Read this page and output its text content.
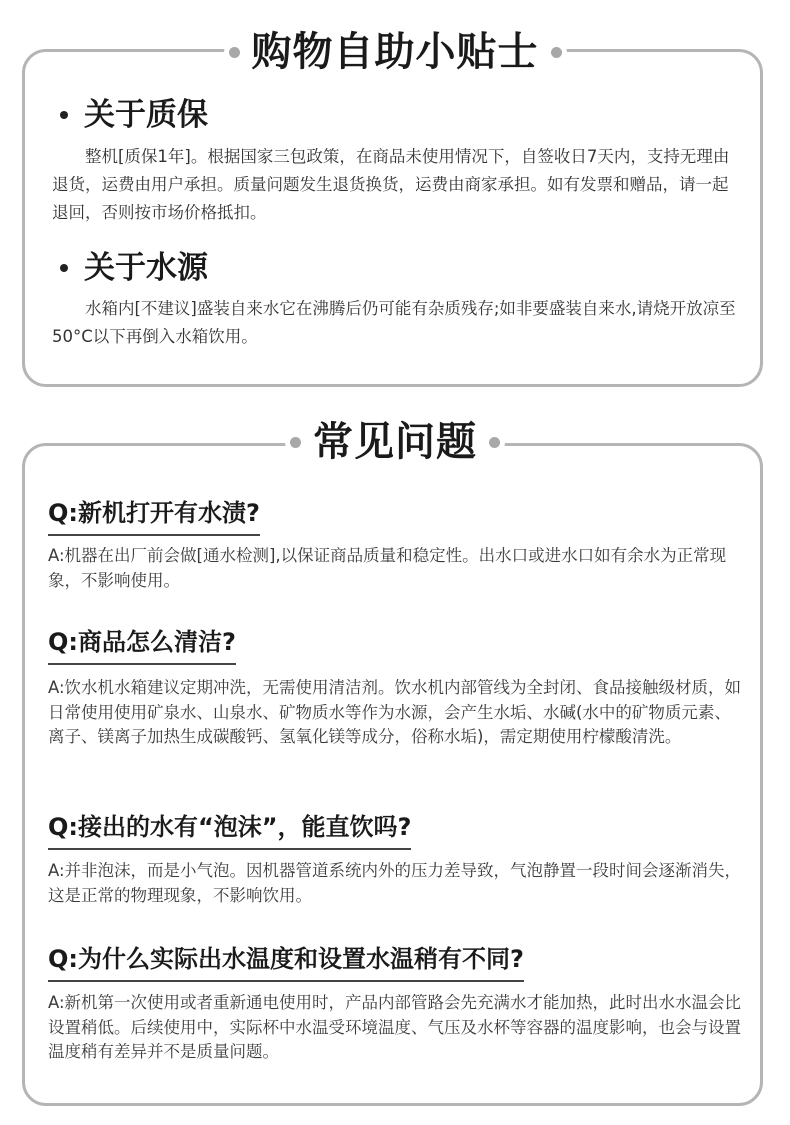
购物自助小贴士
关于质保
整机[质保1年]。根据国家三包政策，在商品未使用情况下，自签收日7天内，支持无理由退货，运费由用户承担。质量问题发生退货换货，运费由商家承担。如有发票和赠品，请一起退回，否则按市场价格抵扣。
关于水源
水箱内[不建议]盛装自来水它在沸腾后仍可能有杂质残存;如非要盛装自来水,请烧开放凉至50°C以下再倒入水箱饮用。
常见问题
Q:新机打开有水渍?
A:机器在出厂前会做[通水检测],以保证商品质量和稳定性。出水口或进水口如有余水为正常现象，不影响使用。
Q:商品怎么清洁?
A:饮水机水箱建议定期冲洗，无需使用清洁剂。饮水机内部管线为全封闭、食品接触级材质，如日常使用使用矿泉水、山泉水、矿物质水等作为水源，会产生水垢、水碱(水中的矿物质元素、离子、镁离子加热生成碳酸钙、氢氧化镁等成分，俗称水垢)，需定期使用柠檬酸清洗。
Q:接出的水有“泡沫”，能直饮吗?
A:并非泡沫，而是小气泡。因机器管道系统内外的压力差导致，气泡静置一段时间会逐渐消失，这是正常的物理现象，不影响饮用。
Q:为什么实际出水温度和设置水温稍有不同?
A:新机第一次使用或者重新通电使用时，产品内部管路会先充满水才能加热，此时出水水温会比设置稍低。后续使用中，实际杯中水温受环境温度、气压及水杯等容器的温度影响，也会与设置温度稍有差异并不是质量问题。
